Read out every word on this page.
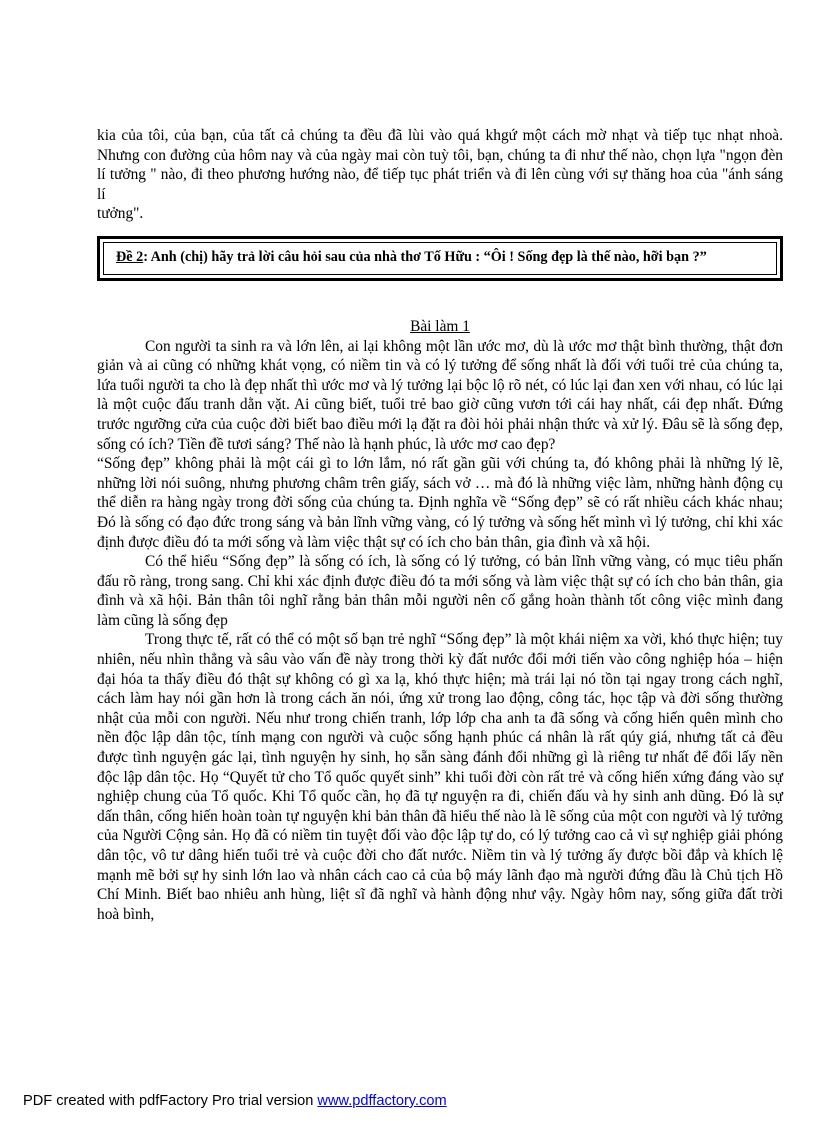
kia của tôi, của bạn, của tất cả chúng ta đều đã lùi vào quá khgứ một cách mờ nhạt và tiếp tục nhạt nhoà. Nhưng con đường của hôm nay và của ngày mai còn tuỳ tôi, bạn, chúng ta đi như thế nào, chọn lựa "ngọn đèn lí tưởng " nào, đi theo phương hướng nào, để tiếp tục phát triển và đi lên cùng với sự thăng hoa của "ánh sáng lí

tưởng".

Đề 2: Anh (chị) hãy trả lời câu hỏi sau của nhà thơ Tố Hữu : “Ôi ! Sống đẹp là thế nào, hỡi bạn ?”

Bài làm 1

Con người ta sinh ra và lớn lên, ai lại không một lần ước mơ, dù là ước mơ thật bình thường, thật đơn giản và ai cũng có những khát vọng, có niềm tin và có lý tưởng để sống nhất là đối với tuổi trẻ của chúng ta, lứa tuổi người ta cho là đẹp nhất thì ước mơ và lý tưởng lại bộc lộ rõ nét, có lúc lại đan xen với nhau, có lúc lại là một cuộc đấu tranh dằn vặt. Ai cũng biết, tuổi trẻ bao giờ cũng vươn tới cái hay nhất, cái đẹp nhất. Đứng trước ngưỡng cửa của cuộc đời biết bao điều mới lạ đặt ra đòi hỏi phải nhận thức và xử lý. Đâu sẽ là sống đẹp, sống có ích? Tiền đề tươi sáng? Thế nào là hạnh phúc, là ước mơ cao đẹp?

“Sống đẹp” không phải là một cái gì to lớn lắm, nó rất gần gũi với chúng ta, đó không phải là những lý lẽ, những lời nói suông, nhưng phương châm trên giấy, sách vở … mà đó là những việc làm, những hành động cụ thể diễn ra hàng ngày trong đời sống của chúng ta. Định nghĩa về “Sống đẹp” sẽ có rất nhiều cách khác nhau; Đó là sống có đạo đức trong sáng và bản lĩnh vững vàng, có lý tưởng và sống hết mình vì lý tưởng, chỉ khi xác định được điều đó ta mới sống và làm việc thật sự có ích cho bản thân, gia đình và xã hội.

Có thể hiểu “Sống đẹp” là sống có ích, là sống có lý tưởng, có bản lĩnh vững vàng, có mục tiêu phấn đấu rõ ràng, trong sang. Chỉ khi xác định được điều đó ta mới sống và làm việc thật sự có ích cho bản thân, gia đình và xã hội. Bản thân tôi nghĩ rằng bản thân mỗi người nên cố gắng hoàn thành tốt công việc mình đang làm cũng là sống đẹp

Trong thực tế, rất có thể có một số bạn trẻ nghĩ “Sống đẹp” là một khái niệm xa vời, khó thực hiện; tuy nhiên, nếu nhìn thẳng và sâu vào vấn đề này trong thời kỳ đất nước đổi mới tiến vào công nghiệp hóa – hiện đại hóa ta thấy điều đó thật sự không có gì xa lạ, khó thực hiện; mà trái lại nó tồn tại ngay trong cách nghĩ, cách làm hay nói gần hơn là trong cách ăn nói, ứng xử trong lao động, công tác, học tập và đời sống thường nhật của mỗi con người. Nếu như trong chiến tranh, lớp lớp cha anh ta đã sống và cống hiến quên mình cho nền độc lập dân tộc, tính mạng con người và cuộc sống hạnh phúc cá nhân là rất qúy giá, nhưng tất cả đều được tình nguyện gác lại, tình nguyện hy sinh, họ sẵn sàng đánh đổi những gì là riêng tư nhất để đổi lấy nền độc lập dân tộc. Họ “Quyết tử cho Tổ quốc quyết sinh” khi tuổi đời còn rất trẻ và cống hiến xứng đáng vào sự nghiệp chung của Tổ quốc. Khi Tổ quốc cần, họ đã tự nguyện ra đi, chiến đấu và hy sinh anh dũng. Đó là sự dấn thân, cống hiến hoàn toàn tự nguyện khi bản thân đã hiểu thế nào là lẽ sống của một con người và lý tưởng của Người Cộng sản. Họ đã có niềm tin tuyệt đối vào độc lập tự do, có lý tưởng cao cả vì sự nghiệp giải phóng dân tộc, vô tư dâng hiến tuổi trẻ và cuộc đời cho đất nước. Niềm tin và lý tưởng ấy được bồi đắp và khích lệ mạnh mẽ bởi sự hy sinh lớn lao và nhân cách cao cả của bộ máy lãnh đạo mà người đứng đầu là Chủ tịch Hồ Chí Minh. Biết bao nhiêu anh hùng, liệt sĩ đã nghĩ và hành động như vậy. Ngày hôm nay, sống giữa đất trời hoà bình,

PDF created with pdfFactory Pro trial version www.pdffactory.com
